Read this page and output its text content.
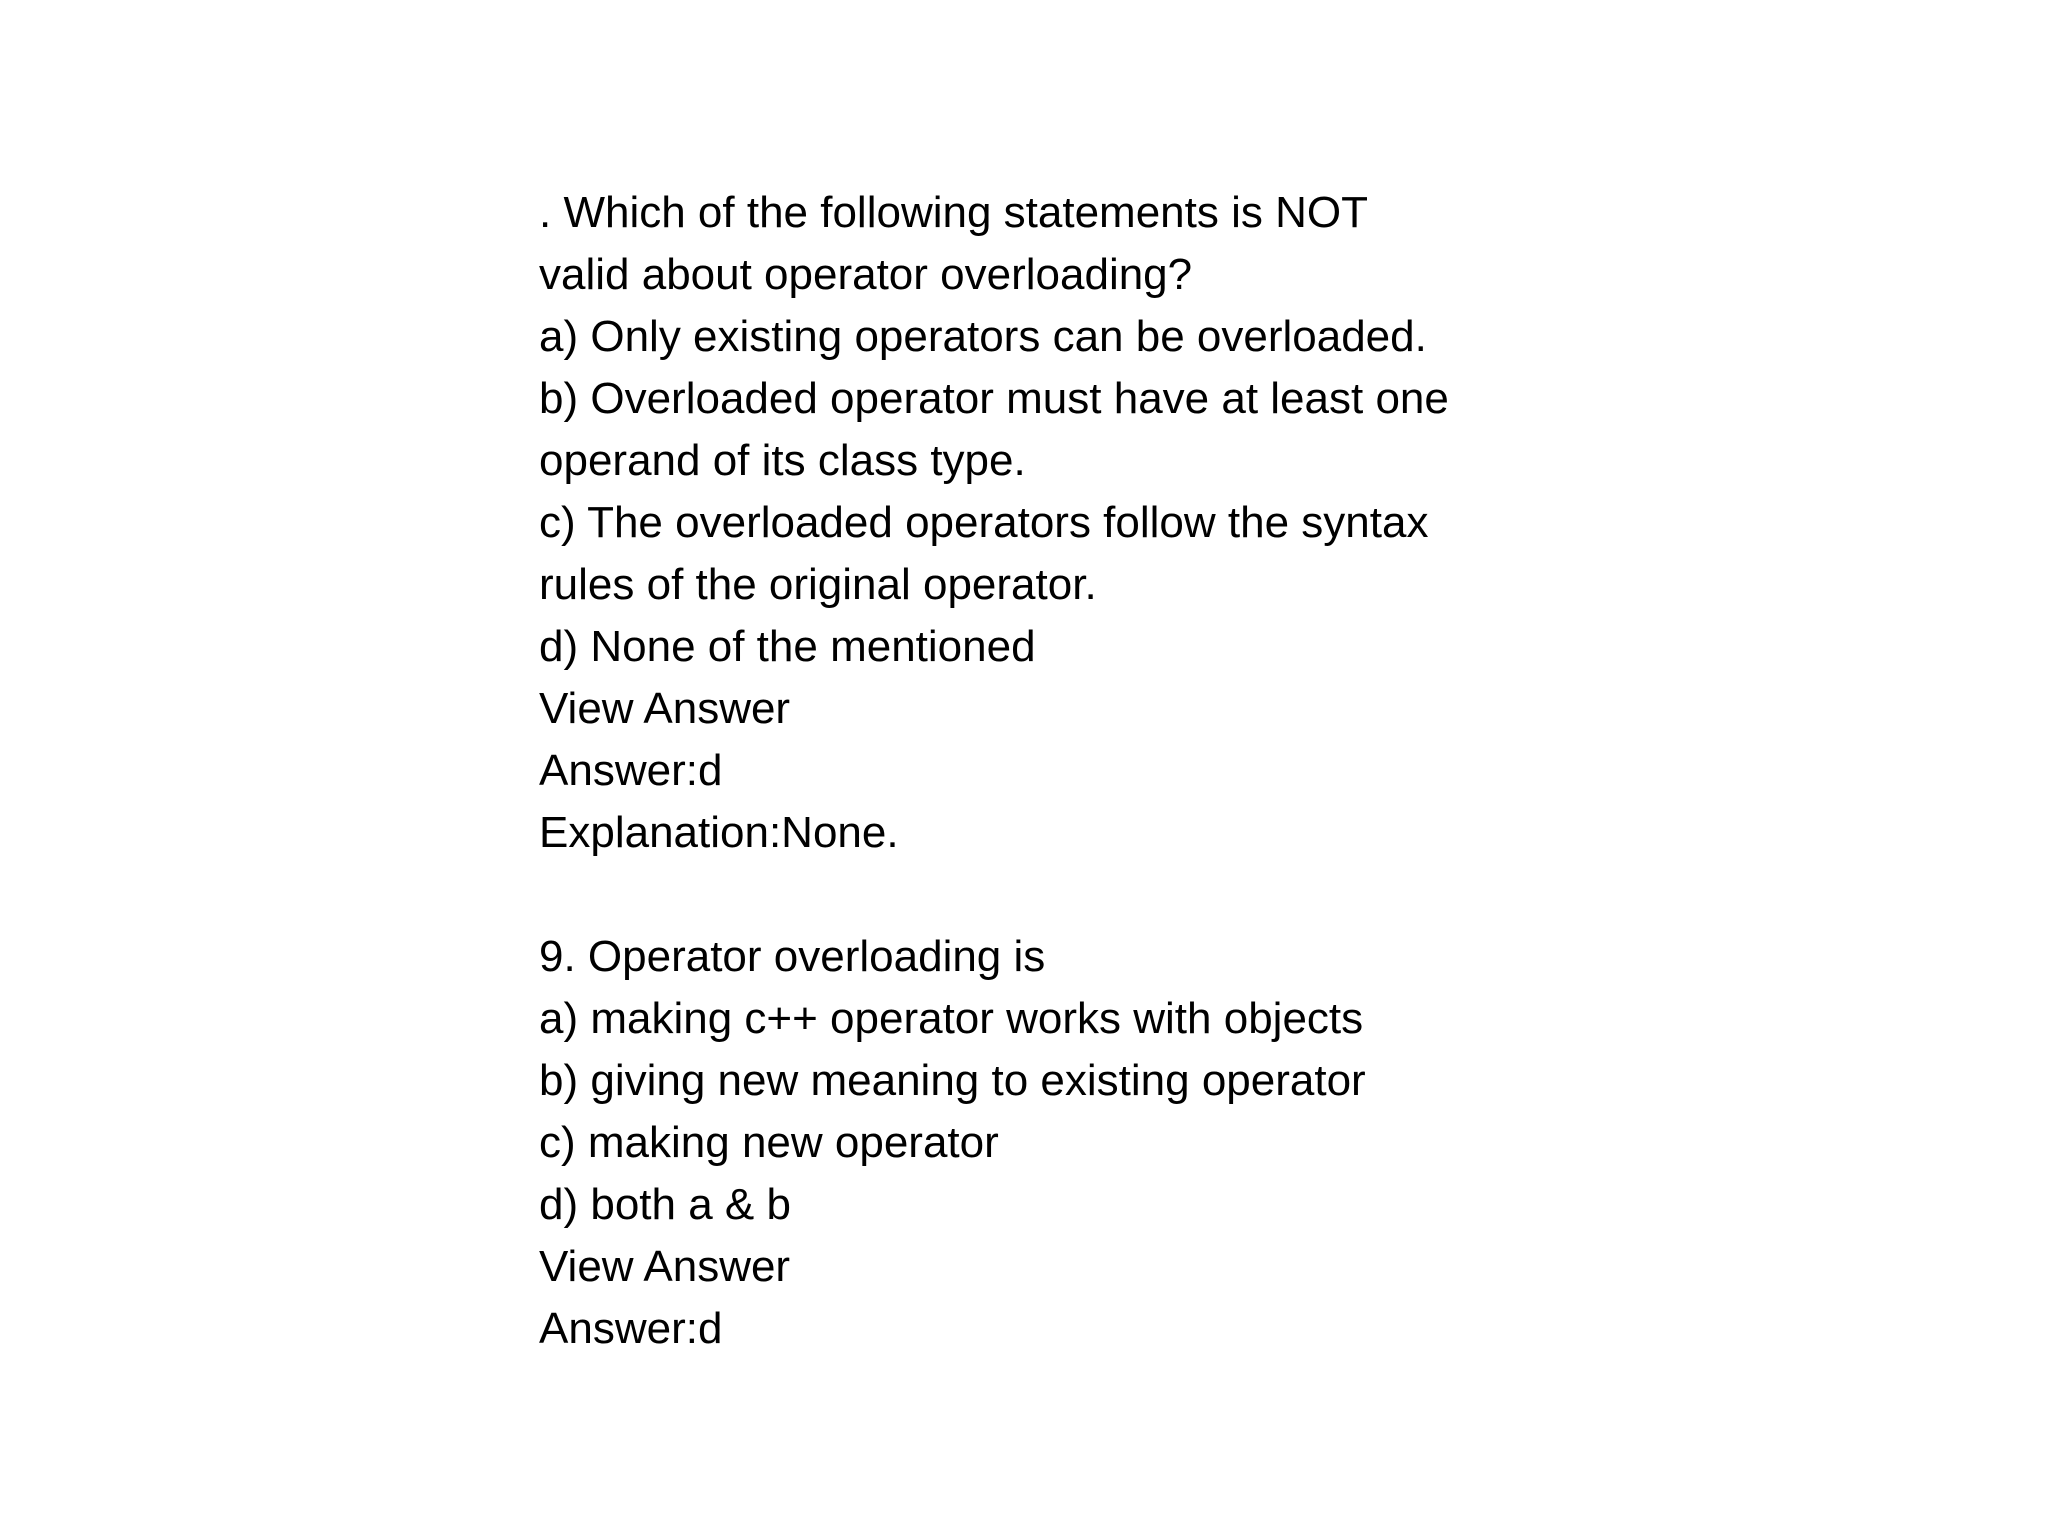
. Which of the following statements is NOT

valid about operator overloading?

a) Only existing operators can be overloaded.

b) Overloaded operator must have at least one

operand of its class type.

c) The overloaded operators follow the syntax

rules of the original operator.

d) None of the mentioned

View Answer

Answer:d

Explanation:None.

9. Operator overloading is

a) making c++ operator works with objects

b) giving new meaning to existing operator

c) making new operator

d) both a & b

View Answer

Answer:d
